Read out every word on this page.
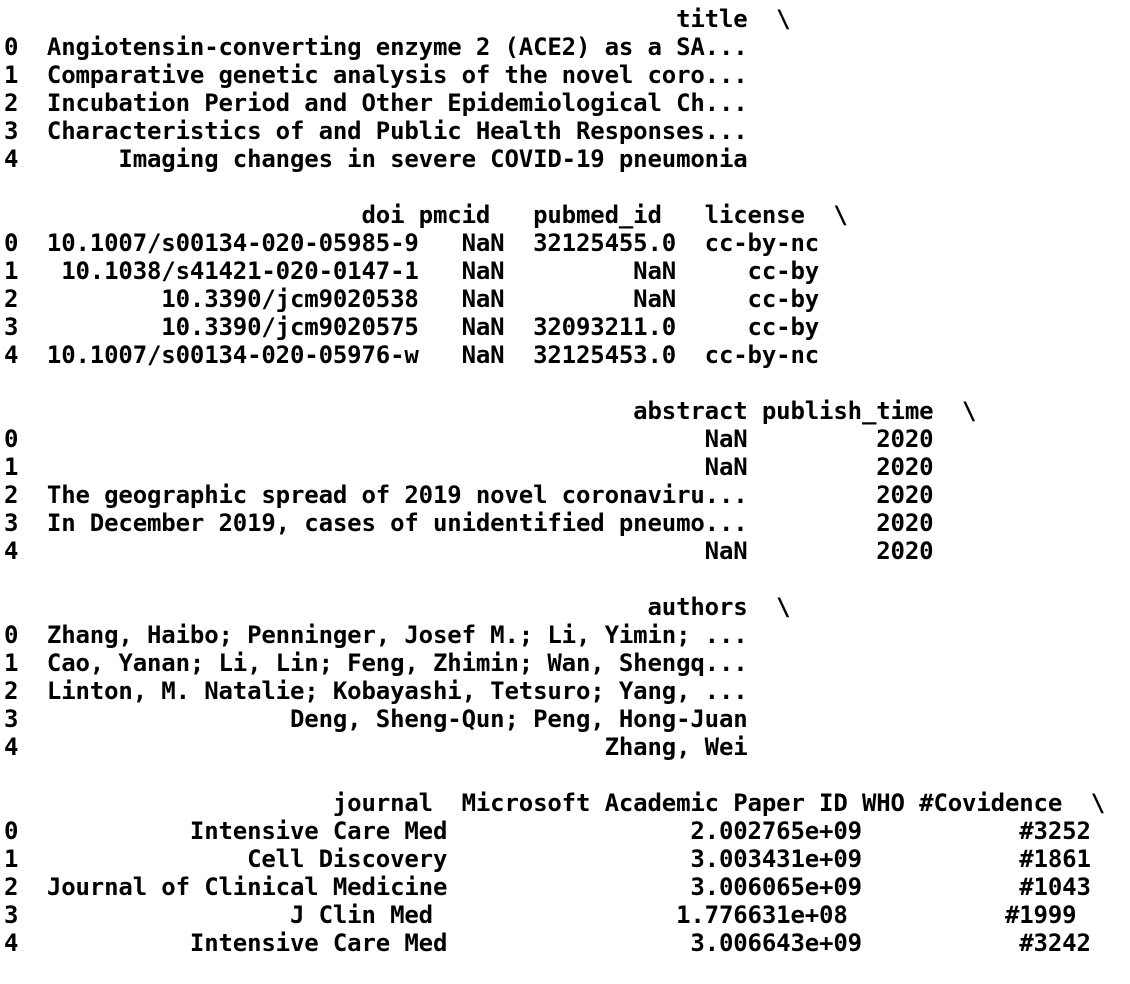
title  \
0  Angiotensin-converting enzyme 2 (ACE2) as a SA...
1  Comparative genetic analysis of the novel coro...
2  Incubation Period and Other Epidemiological Ch...
3  Characteristics of and Public Health Responses...
4       Imaging changes in severe COVID-19 pneumonia

doi pmcid   pubmed_id   license  \
0  10.1007/s00134-020-05985-9   NaN  32125455.0  cc-by-nc
1   10.1038/s41421-020-0147-1   NaN         NaN     cc-by
2          10.3390/jcm9020538   NaN         NaN     cc-by
3          10.3390/jcm9020575   NaN  32093211.0     cc-by
4  10.1007/s00134-020-05976-w   NaN  32125453.0  cc-by-nc

abstract publish_time  \
0                                                NaN         2020
1                                                NaN         2020
2  The geographic spread of 2019 novel coronaviru...         2020
3  In December 2019, cases of unidentified pneumo...         2020
4                                                NaN         2020

authors  \
0  Zhang, Haibo; Penninger, Josef M.; Li, Yimin; ...
1  Cao, Yanan; Li, Lin; Feng, Zhimin; Wan, Shengq...
2  Linton, M. Natalie; Kobayashi, Tetsuro; Yang, ...
3                   Deng, Sheng-Qun; Peng, Hong-Juan
4                                         Zhang, Wei

journal  Microsoft Academic Paper ID WHO #Covidence  \
0            Intensive Care Med                 2.002765e+09           #3252
1                Cell Discovery                 3.003431e+09           #1861
2  Journal of Clinical Medicine                 3.006065e+09           #1043
3                   J Clin Med                 1.776631e+08           #1999
4            Intensive Care Med                 3.006643e+09           #3242
